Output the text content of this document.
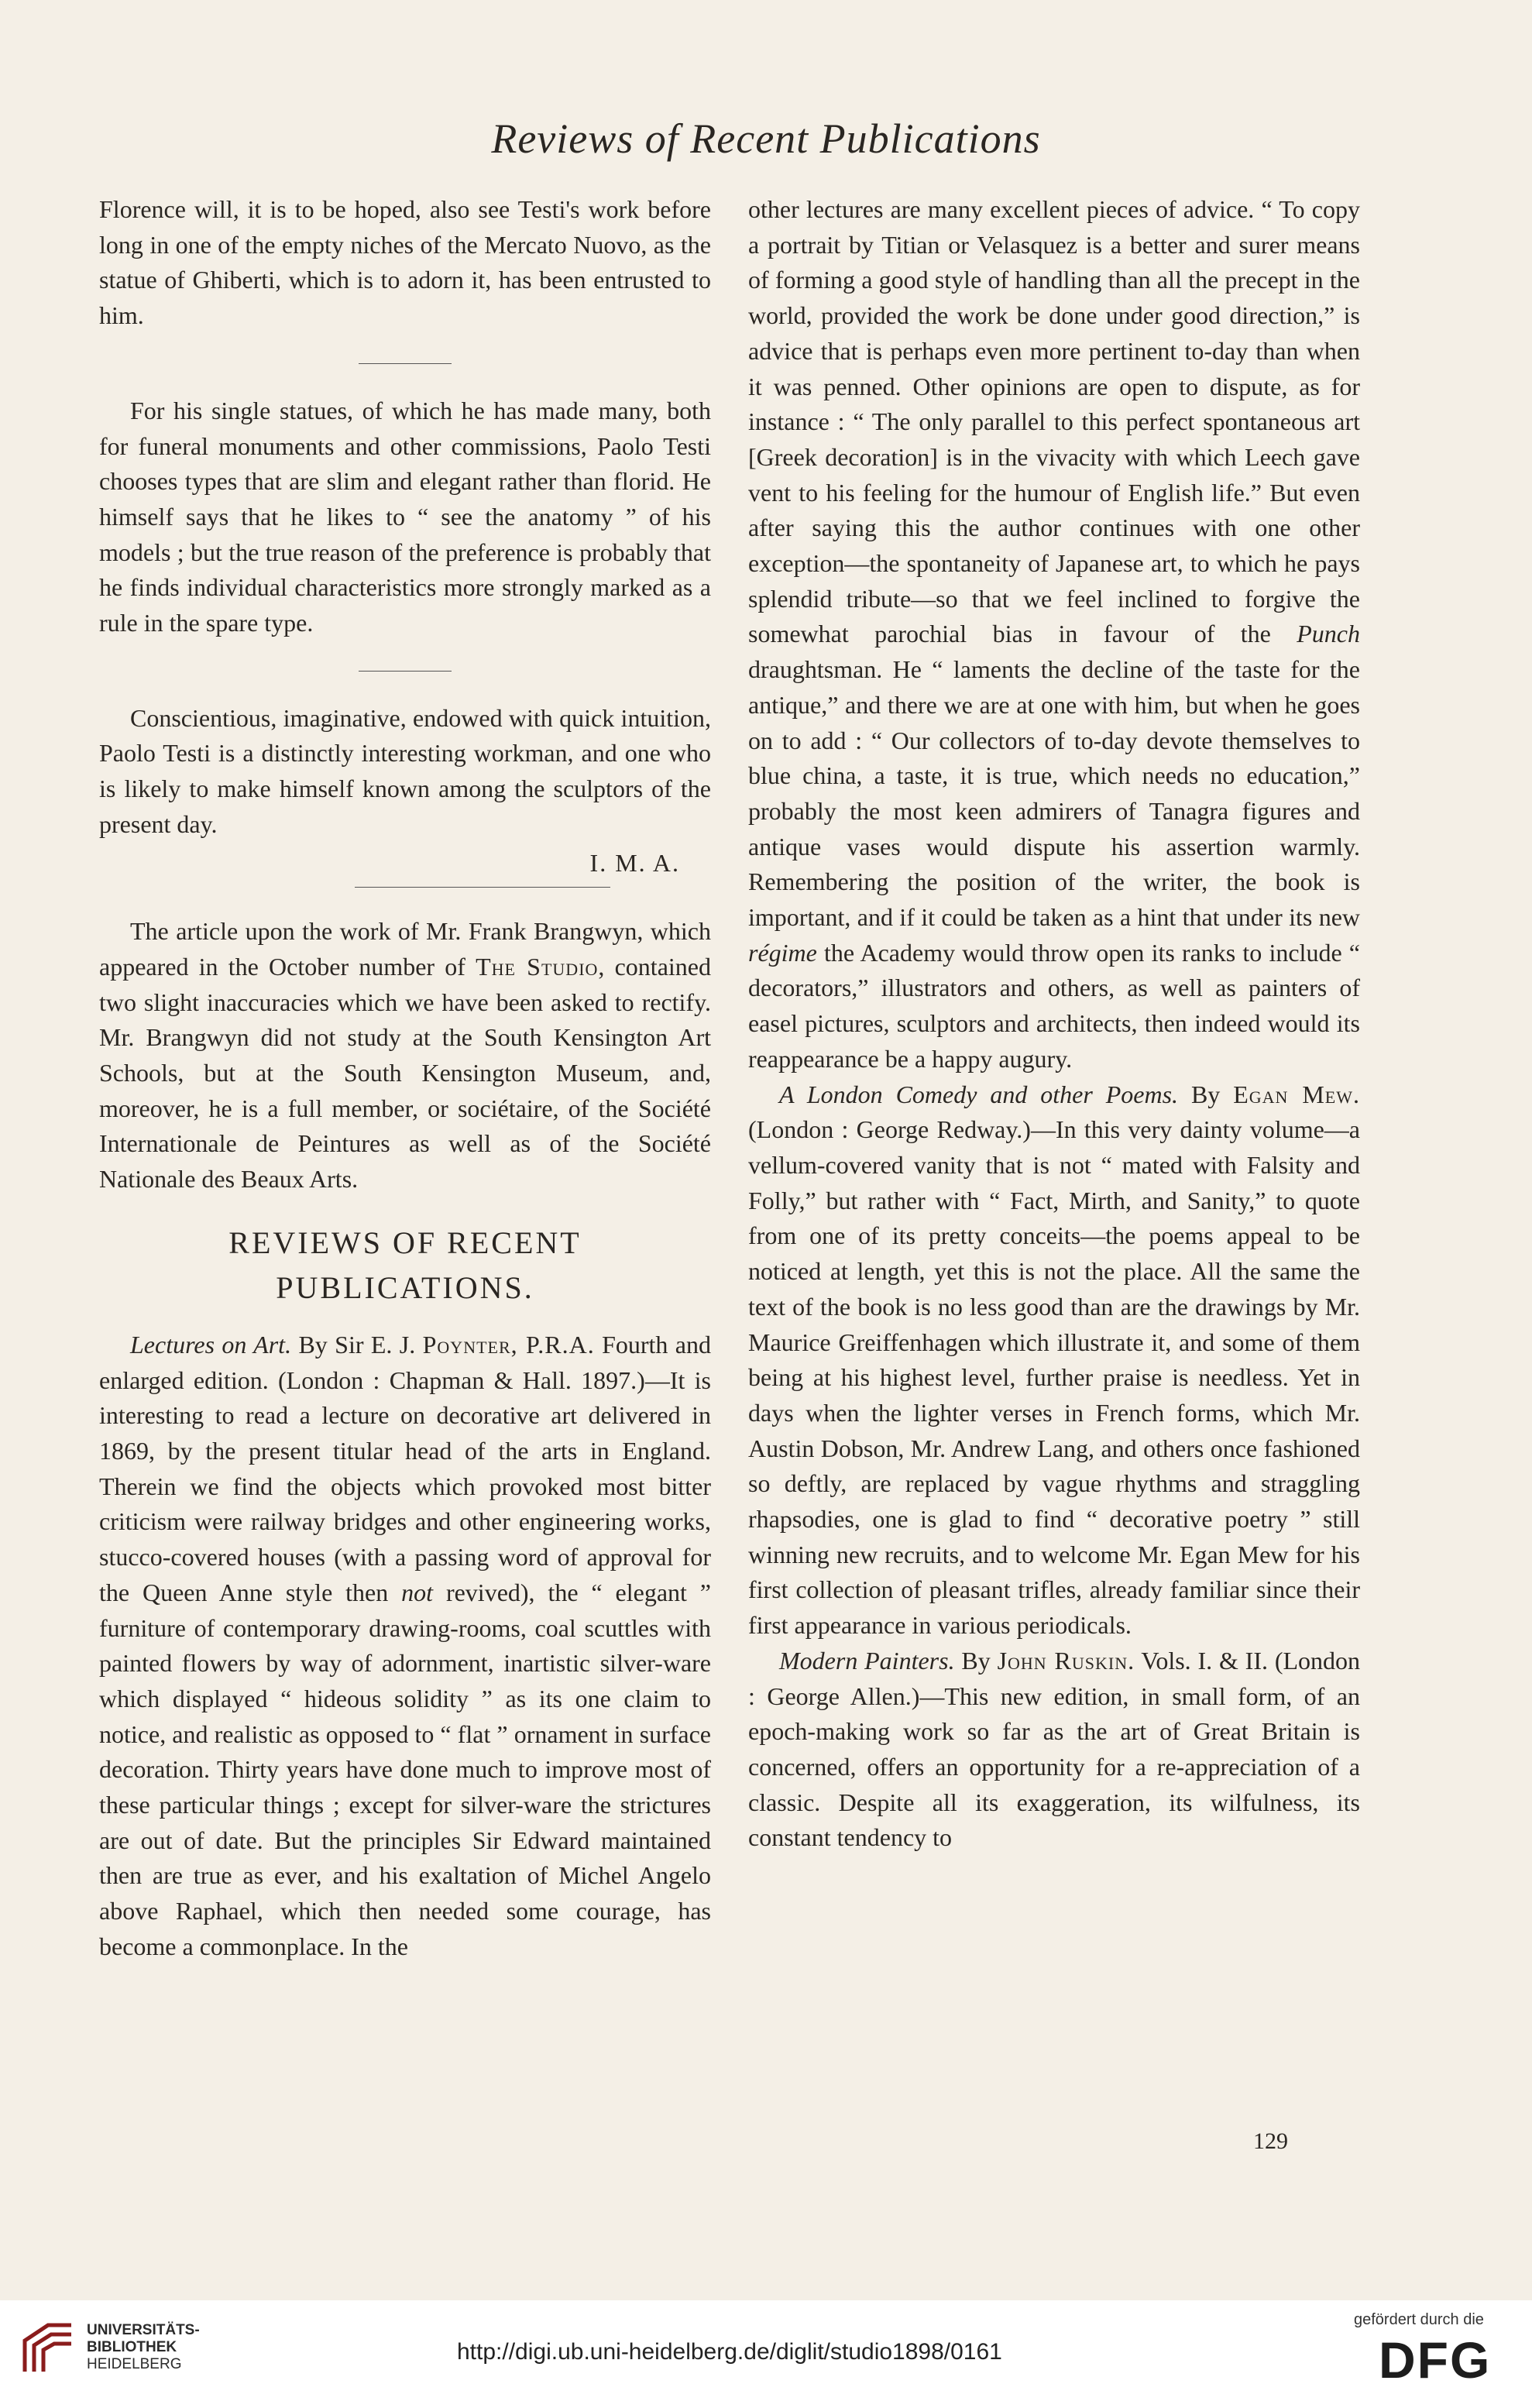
Reviews of Recent Publications

Florence will, it is to be hoped, also see Testi's work before long in one of the empty niches of the Mercato Nuovo, as the statue of Ghiberti, which is to adorn it, has been entrusted to him.

For his single statues, of which he has made many, both for funeral monuments and other commissions, Paolo Testi chooses types that are slim and elegant rather than florid. He himself says that he likes to “ see the anatomy ” of his models ; but the true reason of the preference is probably that he finds individual characteristics more strongly marked as a rule in the spare type.

Conscientious, imaginative, endowed with quick intuition, Paolo Testi is a distinctly interesting workman, and one who is likely to make himself known among the sculptors of the present day.

I. M. A.

The article upon the work of Mr. Frank Brangwyn, which appeared in the October number of The Studio, contained two slight inaccuracies which we have been asked to rectify. Mr. Brangwyn did not study at the South Kensington Art Schools, but at the South Kensington Museum, and, moreover, he is a full member, or sociétaire, of the Société Internationale de Peintures as well as of the Société Nationale des Beaux Arts.

REVIEWS OF RECENT
PUBLICATIONS.

Lectures on Art. By Sir E. J. Poynter, P.R.A. Fourth and enlarged edition. (London : Chapman & Hall. 1897.)—It is interesting to read a lecture on decorative art delivered in 1869, by the present titular head of the arts in England. Therein we find the objects which provoked most bitter criticism were railway bridges and other engineering works, stucco-covered houses (with a passing word of approval for the Queen Anne style then not revived), the “ elegant ” furniture of contemporary drawing-rooms, coal scuttles with painted flowers by way of adornment, inartistic silver-ware which displayed “ hideous solidity ” as its one claim to notice, and realistic as opposed to “ flat ” ornament in surface decoration. Thirty years have done much to improve most of these particular things ; except for silver-ware the strictures are out of date. But the principles Sir Edward maintained then are true as ever, and his exaltation of Michel Angelo above Raphael, which then needed some courage, has become a commonplace. In the

other lectures are many excellent pieces of advice. “ To copy a portrait by Titian or Velasquez is a better and surer means of forming a good style of handling than all the precept in the world, provided the work be done under good direction,” is advice that is perhaps even more pertinent to-day than when it was penned. Other opinions are open to dispute, as for instance : “ The only parallel to this perfect spontaneous art [Greek decoration] is in the vivacity with which Leech gave vent to his feeling for the humour of English life.” But even after saying this the author continues with one other exception—the spontaneity of Japanese art, to which he pays splendid tribute—so that we feel inclined to forgive the somewhat parochial bias in favour of the Punch draughtsman. He “ laments the decline of the taste for the antique,” and there we are at one with him, but when he goes on to add : “ Our collectors of to-day devote themselves to blue china, a taste, it is true, which needs no education,” probably the most keen admirers of Tanagra figures and antique vases would dispute his assertion warmly. Remembering the position of the writer, the book is important, and if it could be taken as a hint that under its new régime the Academy would throw open its ranks to include “ decorators,” illustrators and others, as well as painters of easel pictures, sculptors and architects, then indeed would its reappearance be a happy augury.

A London Comedy and other Poems. By Egan Mew. (London : George Redway.)—In this very dainty volume—a vellum-covered vanity that is not “ mated with Falsity and Folly,” but rather with “ Fact, Mirth, and Sanity,” to quote from one of its pretty conceits—the poems appeal to be noticed at length, yet this is not the place. All the same the text of the book is no less good than are the drawings by Mr. Maurice Greiffenhagen which illustrate it, and some of them being at his highest level, further praise is needless. Yet in days when the lighter verses in French forms, which Mr. Austin Dobson, Mr. Andrew Lang, and others once fashioned so deftly, are replaced by vague rhythms and straggling rhapsodies, one is glad to find “ decorative poetry ” still winning new recruits, and to welcome Mr. Egan Mew for his first collection of pleasant trifles, already familiar since their first appearance in various periodicals.

Modern Painters. By John Ruskin. Vols. I. & II. (London : George Allen.)—This new edition, in small form, of an epoch-making work so far as the art of Great Britain is concerned, offers an opportunity for a re-appreciation of a classic. Despite all its exaggeration, its wilfulness, its constant tendency to

129
UNIVERSITÄTS-
BIBLIOTHEK
HEIDELBERG	http://digi.ub.uni-heidelberg.de/diglit/studio1898/0161
gefördert durch die
DFG
